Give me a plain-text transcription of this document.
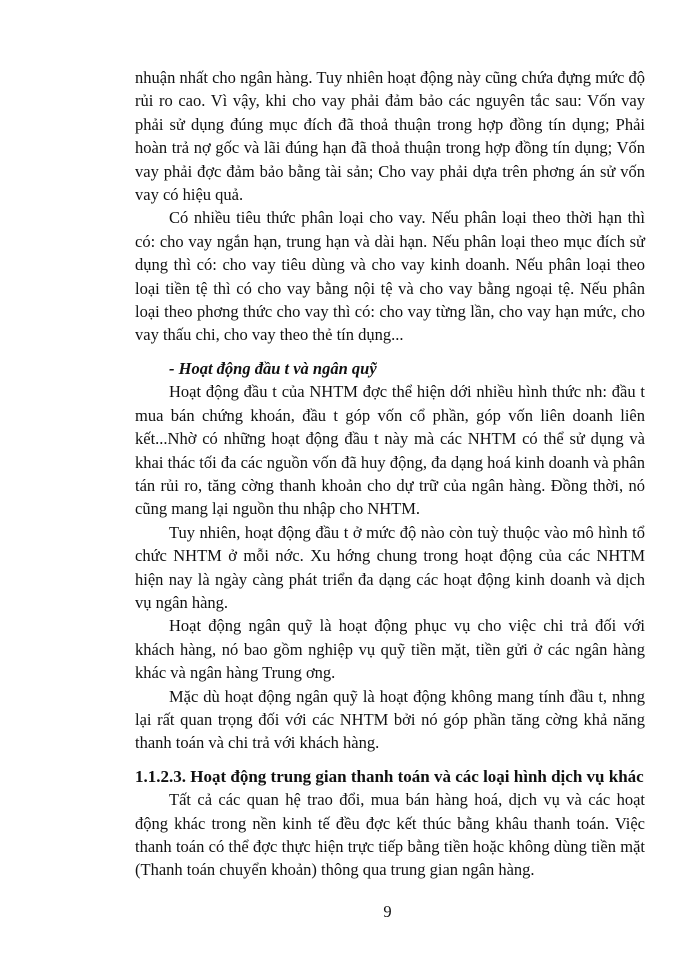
nhuận nhất cho ngân hàng. Tuy nhiên hoạt động này cũng chứa đựng mức độ rủi ro cao. Vì vậy, khi cho vay phải đảm bảo các nguyên tắc sau: Vốn vay phải sử dụng đúng mục đích đã thoả thuận trong hợp đồng tín dụng; Phải hoàn trả nợ gốc và lãi đúng hạn đã thoả thuận trong hợp đồng tín dụng; Vốn vay phải đợc đảm bảo bằng tài sản; Cho vay phải dựa trên phơng án sử vốn vay có hiệu quả.

Có nhiều tiêu thức phân loại cho vay. Nếu phân loại theo thời hạn thì có: cho vay ngắn hạn, trung hạn và dài hạn. Nếu phân loại theo mục đích sử dụng thì có: cho vay tiêu dùng và cho vay kinh doanh. Nếu phân loại theo loại tiền tệ thì có cho vay bằng nội tệ và cho vay bằng ngoại tệ. Nếu phân loại theo phơng thức cho vay thì có: cho vay từng lần, cho vay hạn mức, cho vay thấu chi, cho vay theo thẻ tín dụng...

- Hoạt động đầu t và ngân quỹ

Hoạt động đầu t của NHTM đợc thể hiện dới nhiều hình thức nh: đầu t mua bán chứng khoán, đầu t góp vốn cổ phần, góp vốn liên doanh liên kết...Nhờ có những hoạt động đầu t này mà các NHTM có thể sử dụng và khai thác tối đa các nguồn vốn đã huy động, đa dạng hoá kinh doanh và phân tán rủi ro, tăng cờng thanh khoản cho dự trữ của ngân hàng. Đồng thời, nó cũng mang lại nguồn thu nhập cho NHTM.

Tuy nhiên, hoạt động đầu t ở mức độ nào còn tuỳ thuộc vào mô hình tổ chức NHTM ở mỗi nớc. Xu hớng chung trong hoạt động của các NHTM hiện nay là ngày càng phát triển đa dạng các hoạt động kinh doanh và dịch vụ ngân hàng.

Hoạt động ngân quỹ là hoạt động phục vụ cho việc chi trả đối với khách hàng, nó bao gồm nghiệp vụ quỹ tiền mặt, tiền gửi ở các ngân hàng khác và ngân hàng Trung ơng.

Mặc dù hoạt động ngân quỹ là hoạt động không mang tính đầu t, nhng lại rất quan trọng đối với các NHTM bởi nó góp phần tăng cờng khả năng thanh toán và chi trả với khách hàng.

1.1.2.3. Hoạt động trung gian thanh toán và các loại hình dịch vụ khác

Tất cả các quan hệ trao đổi, mua bán hàng hoá, dịch vụ và các hoạt động khác trong nền kinh tế đều đợc kết thúc bằng khâu thanh toán. Việc thanh toán có thể đợc thực hiện trực tiếp bằng tiền hoặc không dùng tiền mặt (Thanh toán chuyển khoản) thông qua trung gian ngân hàng.

9
